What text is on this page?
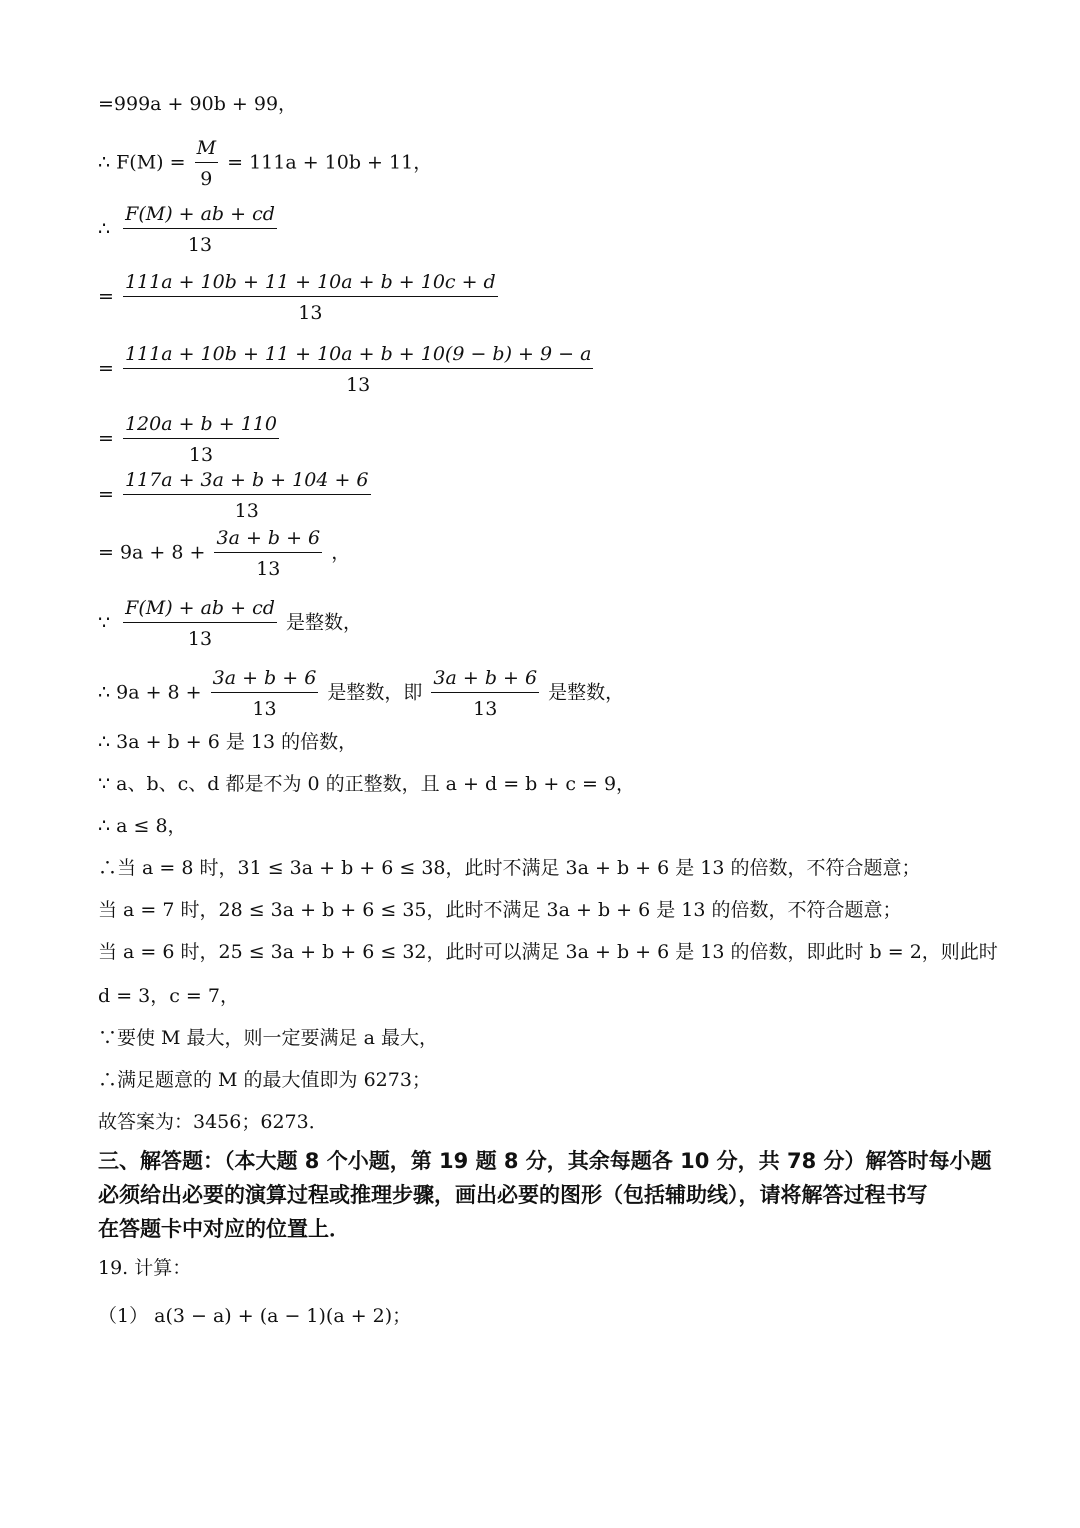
=999a + 90b + 99，
∴ $F(M) = \frac{M}{9} = 111a + 10b + 11$，
∴ $\frac{F(M) + ab + cd}{13}$
= $\frac{111a + 10b + 11 + 10a + b + 10c + d}{13}$
= $\frac{111a + 10b + 11 + 10a + b + 10(9 - b) + 9 - a}{13}$
= $\frac{120a + b + 110}{13}$
= $\frac{117a + 3a + b + 104 + 6}{13}$
= $9a + 8 + \frac{3a + b + 6}{13}$ ，
∵ $\frac{F(M) + ab + cd}{13}$ 是整数，
∴ $9a + 8 + \frac{3a + b + 6}{13}$ 是整数，即 $\frac{3a + b + 6}{13}$ 是整数，
∴ 3a + b + 6 是 13 的倍数，
∵ a、b、c、d 都是不为 0 的正整数，且 a + d = b + c = 9，
∴ a ≤ 8，
∴当 a = 8 时，31 ≤ 3a + b + 6 ≤ 38，此时不满足 3a + b + 6 是 13 的倍数，不符合题意；
当 a = 7 时，28 ≤ 3a + b + 6 ≤ 35，此时不满足 3a + b + 6 是 13 的倍数，不符合题意；
当 a = 6 时，25 ≤ 3a + b + 6 ≤ 32，此时可以满足 3a + b + 6 是 13 的倍数，即此时 b = 2，则此时
d = 3，c = 7，
∵要使 M 最大，则一定要满足 a 最大，
∴满足题意的 M 的最大值即为 6273；
故答案为：3456；6273．
三、解答题：（本大题 8 个小题，第 19 题 8 分，其余每题各 10 分，共 78 分）解答时每小题
必须给出必要的演算过程或推理步骤，画出必要的图形（包括辅助线），请将解答过程书写
在答题卡中对应的位置上．
19. 计算：
（1） a(3 − a) + (a − 1)(a + 2)；
